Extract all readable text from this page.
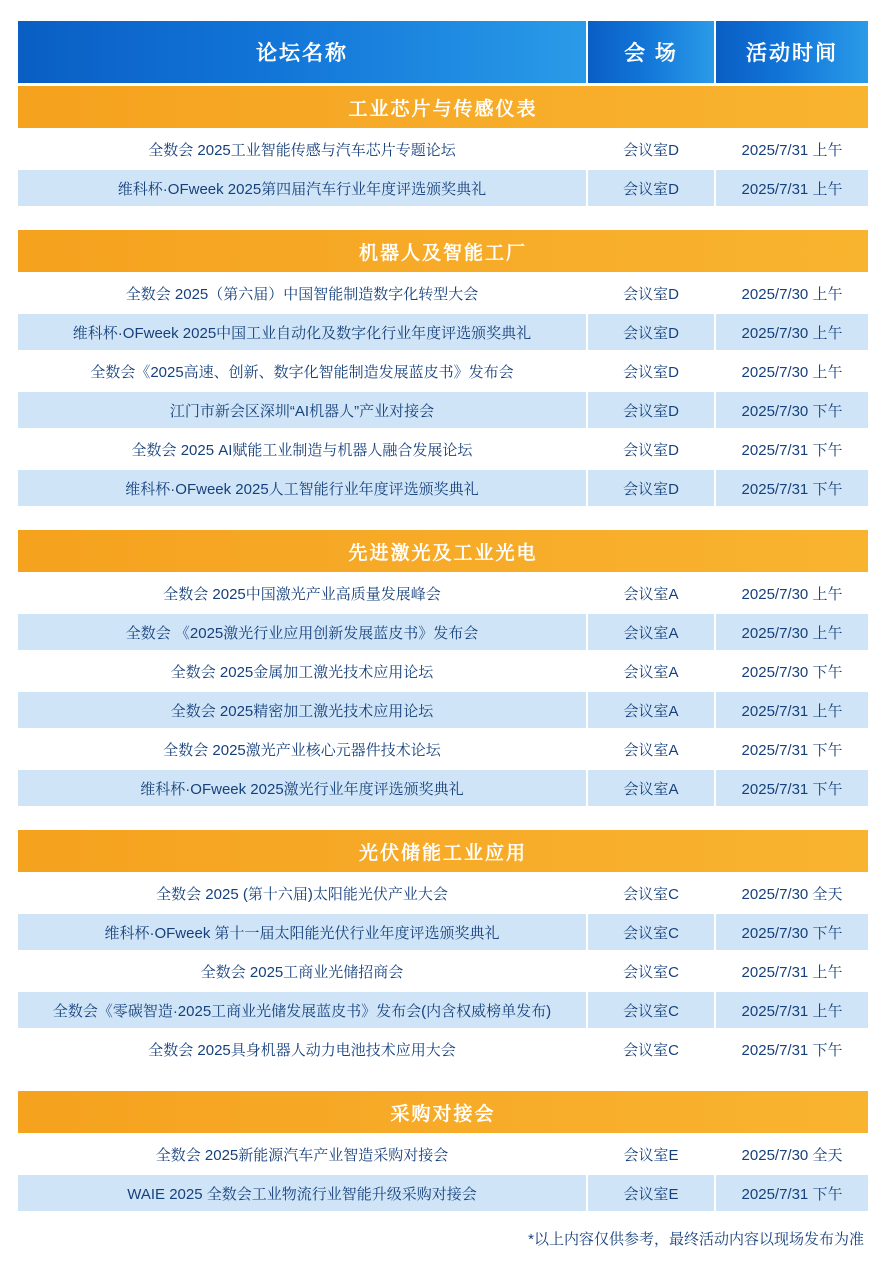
论坛名称	会 场	活动时间
工业芯片与传感仪表		
全数会 2025工业智能传感与汽车芯片专题论坛	会议室D	2025/7/31 上午
维科杯·OFweek 2025第四届汽车行业年度评选颁奖典礼	会议室D	2025/7/31 上午

机器人及智能工厂		
全数会 2025（第六届）中国智能制造数字化转型大会	会议室D	2025/7/30 上午
维科杯·OFweek 2025中国工业自动化及数字化行业年度评选颁奖典礼	会议室D	2025/7/30 上午
全数会《2025高速、创新、数字化智能制造发展蓝皮书》发布会	会议室D	2025/7/30 上午
江门市新会区深圳“AI机器人”产业对接会	会议室D	2025/7/30 下午
全数会 2025 AI赋能工业制造与机器人融合发展论坛	会议室D	2025/7/31 下午
维科杯·OFweek 2025人工智能行业年度评选颁奖典礼	会议室D	2025/7/31 下午

先进激光及工业光电		
全数会 2025中国激光产业高质量发展峰会	会议室A	2025/7/30 上午
全数会 《2025激光行业应用创新发展蓝皮书》发布会	会议室A	2025/7/30 上午
全数会 2025金属加工激光技术应用论坛	会议室A	2025/7/30 下午
全数会 2025精密加工激光技术应用论坛	会议室A	2025/7/31 上午
全数会 2025激光产业核心元器件技术论坛	会议室A	2025/7/31 下午
维科杯·OFweek 2025激光行业年度评选颁奖典礼	会议室A	2025/7/31 下午

光伏储能工业应用		
全数会 2025 (第十六届)太阳能光伏产业大会	会议室C	2025/7/30 全天
维科杯·OFweek 第十一届太阳能光伏行业年度评选颁奖典礼	会议室C	2025/7/30 下午
全数会 2025工商业光储招商会	会议室C	2025/7/31 上午
全数会《零碳智造·2025工商业光储发展蓝皮书》发布会(内含权威榜单发布)	会议室C	2025/7/31 上午
全数会 2025具身机器人动力电池技术应用大会	会议室C	2025/7/31 下午

采购对接会		
全数会 2025新能源汽车产业智造采购对接会	会议室E	2025/7/30 全天
WAIE 2025 全数会工业物流行业智能升级采购对接会	会议室E	2025/7/31 下午
*以上内容仅供参考，最终活动内容以现场发布为准
